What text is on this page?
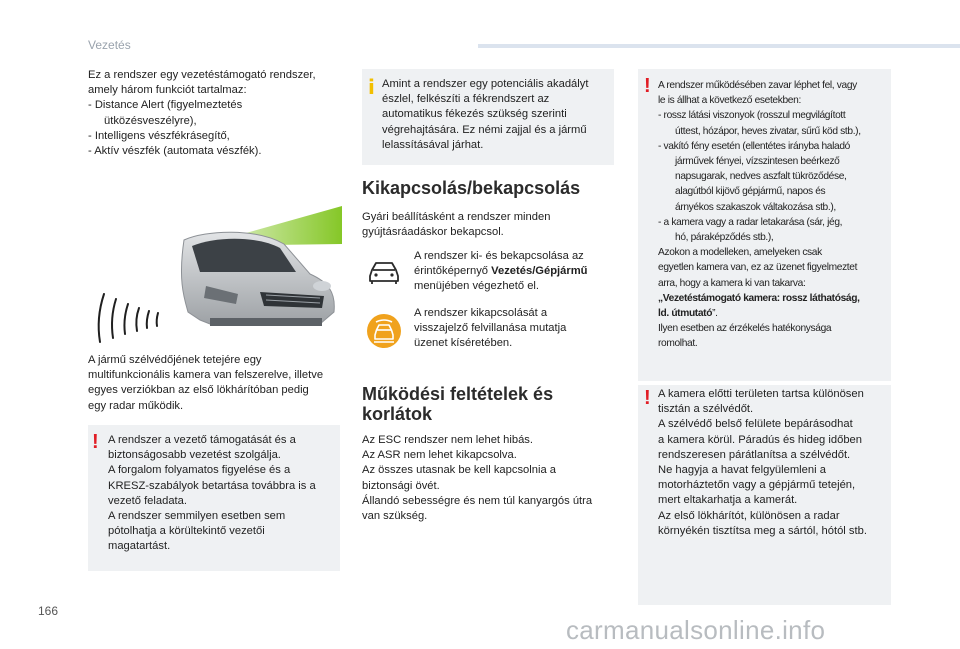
Vezetés
Ez a rendszer egy vezetéstámogató rendszer,
amely három funkciót tartalmaz:
- Distance Alert (figyelmeztetés
ütközésveszélyre),
- Intelligens vészfékrásegítő,
- Aktív vészfék (automata vészfék).
A jármű szélvédőjének tetejére egy
multifunkcionális kamera van felszerelve, illetve
egyes verziókban az első lökhárítóban pedig
egy radar működik.
! A rendszer a vezető támogatását és a
biztonságosabb vezetést szolgálja.
A forgalom folyamatos figyelése és a
KRESZ-szabályok betartása továbbra is a
vezető feladata.
A rendszer semmilyen esetben sem
pótolhatja a körültekintő vezetői
magatartást.
i Amint a rendszer egy potenciális akadályt
észlel, felkészíti a fékrendszert az
automatikus fékezés szükség szerinti
végrehajtására. Ez némi zajjal és a jármű
lelassításával járhat.
Kikapcsolás/bekapcsolás
Gyári beállításként a rendszer minden
gyújtásráadáskor bekapcsol.
A rendszer ki- és bekapcsolása az
érintőképernyő Vezetés/Gépjármű
menüjében végezhető el.
A rendszer kikapcsolását a
visszajelző felvillanása mutatja
üzenet kíséretében.
Működési feltételek és
korlátok
Az ESC rendszer nem lehet hibás.
Az ASR nem lehet kikapcsolva.
Az összes utasnak be kell kapcsolnia a
biztonsági övét.
Állandó sebességre és nem túl kanyargós útra
van szükség.
! A rendszer működésében zavar léphet fel, vagy
le is állhat a következő esetekben:
- rossz látási viszonyok (rosszul megvilágított
úttest, hózápor, heves zivatar, sűrű köd stb.),
- vakító fény esetén (ellentétes irányba haladó
járművek fényei, vízszintesen beérkező
napsugarak, nedves aszfalt tükröződése,
alagútból kijövő gépjármű, napos és
árnyékos szakaszok váltakozása stb.),
- a kamera vagy a radar letakarása (sár, jég,
hó, páraképződés stb.),
Azokon a modelleken, amelyeken csak
egyetlen kamera van, ez az üzenet figyelmeztet
arra, hogy a kamera ki van takarva:
„Vezetéstámogató kamera: rossz láthatóság,
ld. útmutató”.
Ilyen esetben az érzékelés hatékonysága
romolhat.
! A kamera előtti területen tartsa különösen
tisztán a szélvédőt.
A szélvédő belső felülete bepárásodhat
a kamera körül. Páradús és hideg időben
rendszeresen párátlanítsa a szélvédőt.
Ne hagyja a havat felgyülemleni a
motorháztetőn vagy a gépjármű tetején,
mert eltakarhatja a kamerát.
Az első lökhárítót, különösen a radar
környékén tisztítsa meg a sártól, hótól stb.
166
carmanualsonline.info
